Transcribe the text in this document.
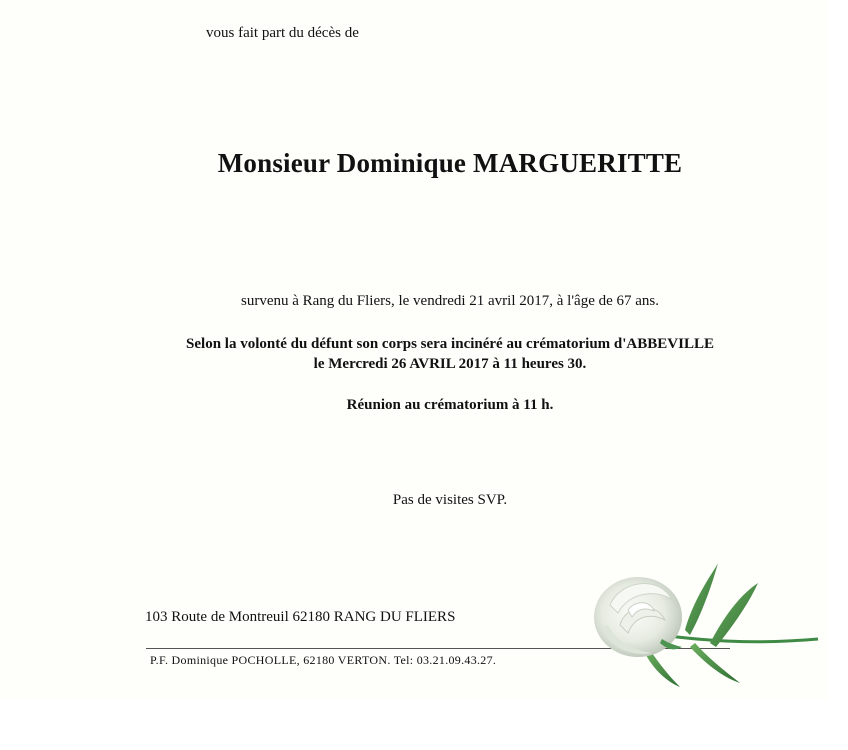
vous fait part du décès de
Monsieur Dominique MARGUERITTE
survenu à Rang du Fliers, le vendredi 21 avril 2017, à l'âge de 67 ans.
Selon la volonté du défunt son corps sera incinéré au crématorium d'ABBEVILLE
le Mercredi 26 AVRIL 2017 à 11 heures 30.
Réunion au crématorium à 11 h.
Pas de visites SVP.
103 Route de Montreuil 62180 RANG DU FLIERS
P.F. Dominique POCHOLLE, 62180 VERTON. Tel: 03.21.09.43.27.
